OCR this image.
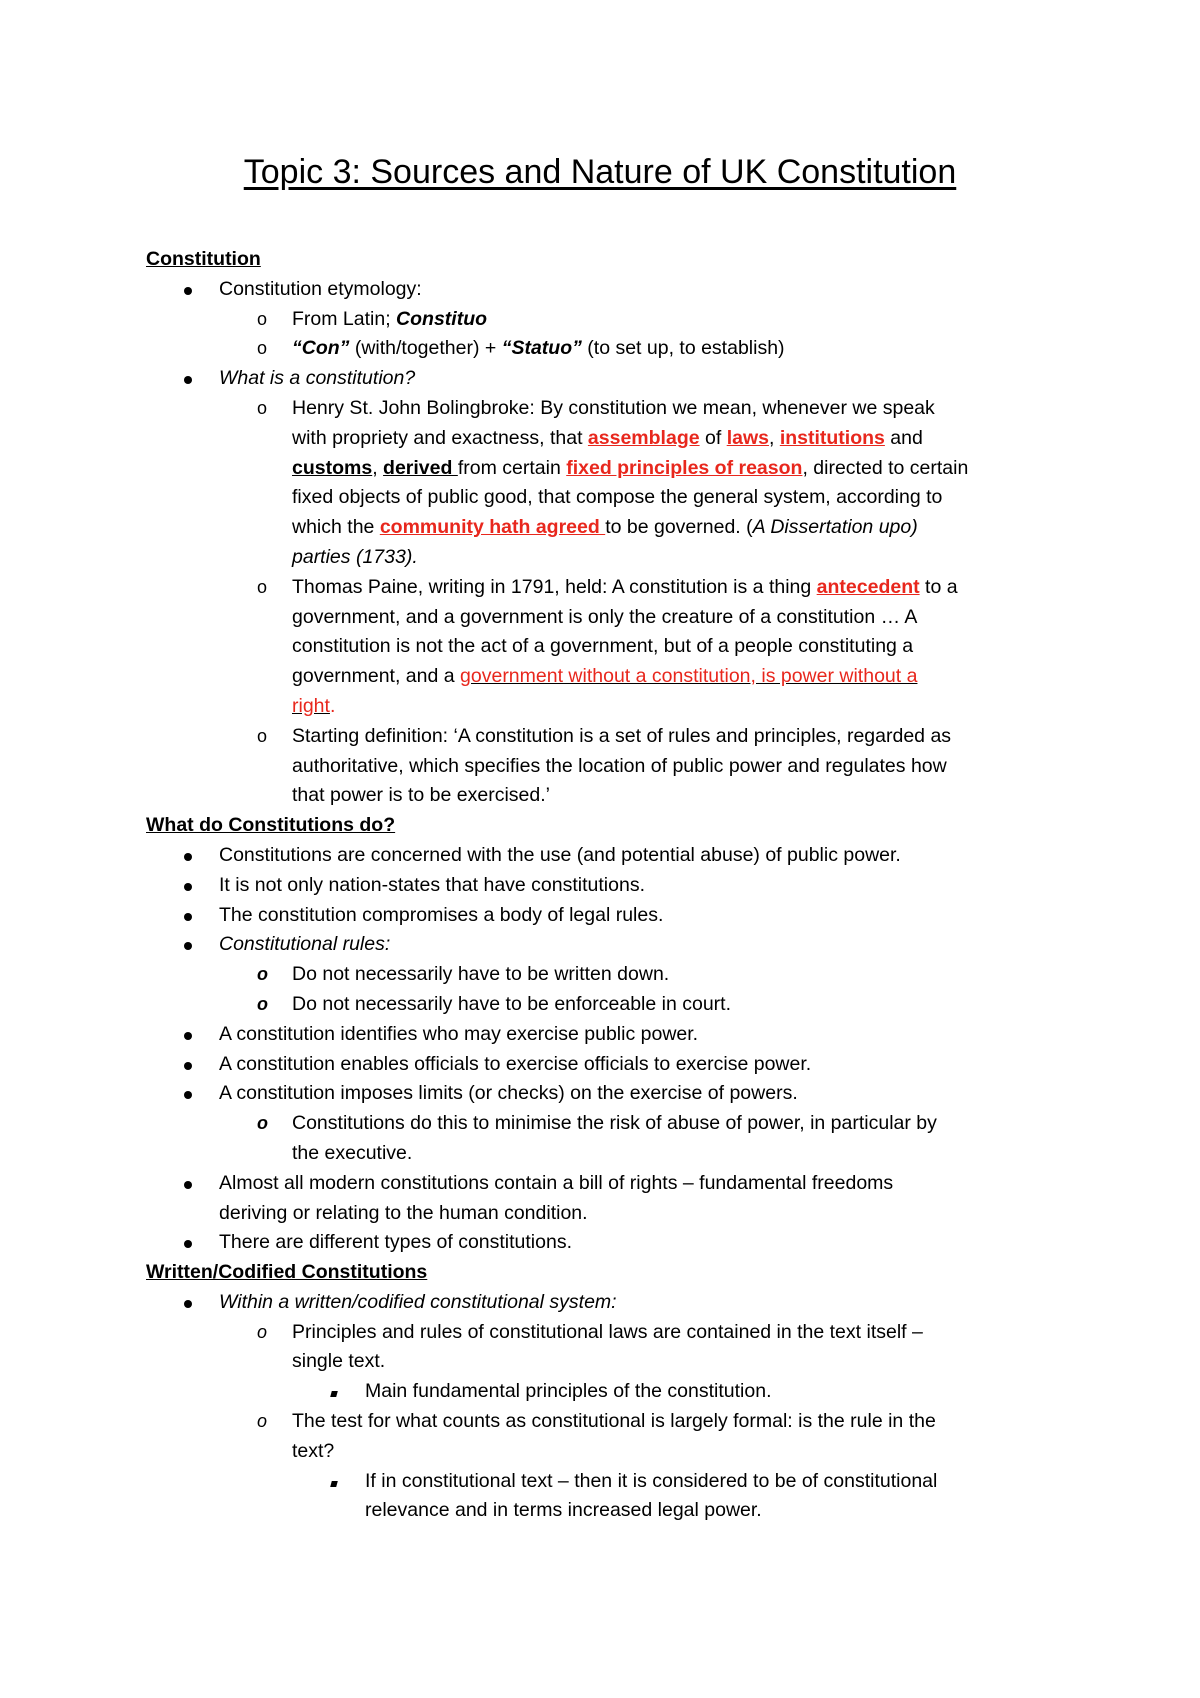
Topic 3: Sources and Nature of UK Constitution

Constitution

Constitution etymology:

o From Latin; Constituo

o “Con” (with/together) + “Statuo” (to set up, to establish)

What is a constitution?

o Henry St. John Bolingbroke: By constitution we mean, whenever we speak

with propriety and exactness, that assemblage of laws, institutions and

customs, derived from certain fixed principles of reason, directed to certain

fixed objects of public good, that compose the general system, according to

which the community hath agreed to be governed. (A Dissertation upo)

parties (1733).

o Thomas Paine, writing in 1791, held: A constitution is a thing antecedent to a

government, and a government is only the creature of a constitution … A

constitution is not the act of a government, but of a people constituting a

government, and a government without a constitution, is power without a

right.

o Starting definition: ‘A constitution is a set of rules and principles, regarded as

authoritative, which specifies the location of public power and regulates how

that power is to be exercised.’

What do Constitutions do?

Constitutions are concerned with the use (and potential abuse) of public power.

It is not only nation-states that have constitutions.

The constitution compromises a body of legal rules.

Constitutional rules:

o Do not necessarily have to be written down.

o Do not necessarily have to be enforceable in court.

A constitution identifies who may exercise public power.

A constitution enables officials to exercise officials to exercise power.

A constitution imposes limits (or checks) on the exercise of powers.

o Constitutions do this to minimise the risk of abuse of power, in particular by

the executive.

Almost all modern constitutions contain a bill of rights – fundamental freedoms

deriving or relating to the human condition.

There are different types of constitutions.

Written/Codified Constitutions

Within a written/codified constitutional system:

o Principles and rules of constitutional laws are contained in the text itself –

single text.

Main fundamental principles of the constitution.

o The test for what counts as constitutional is largely formal: is the rule in the

text?

If in constitutional text – then it is considered to be of constitutional

relevance and in terms increased legal power.
